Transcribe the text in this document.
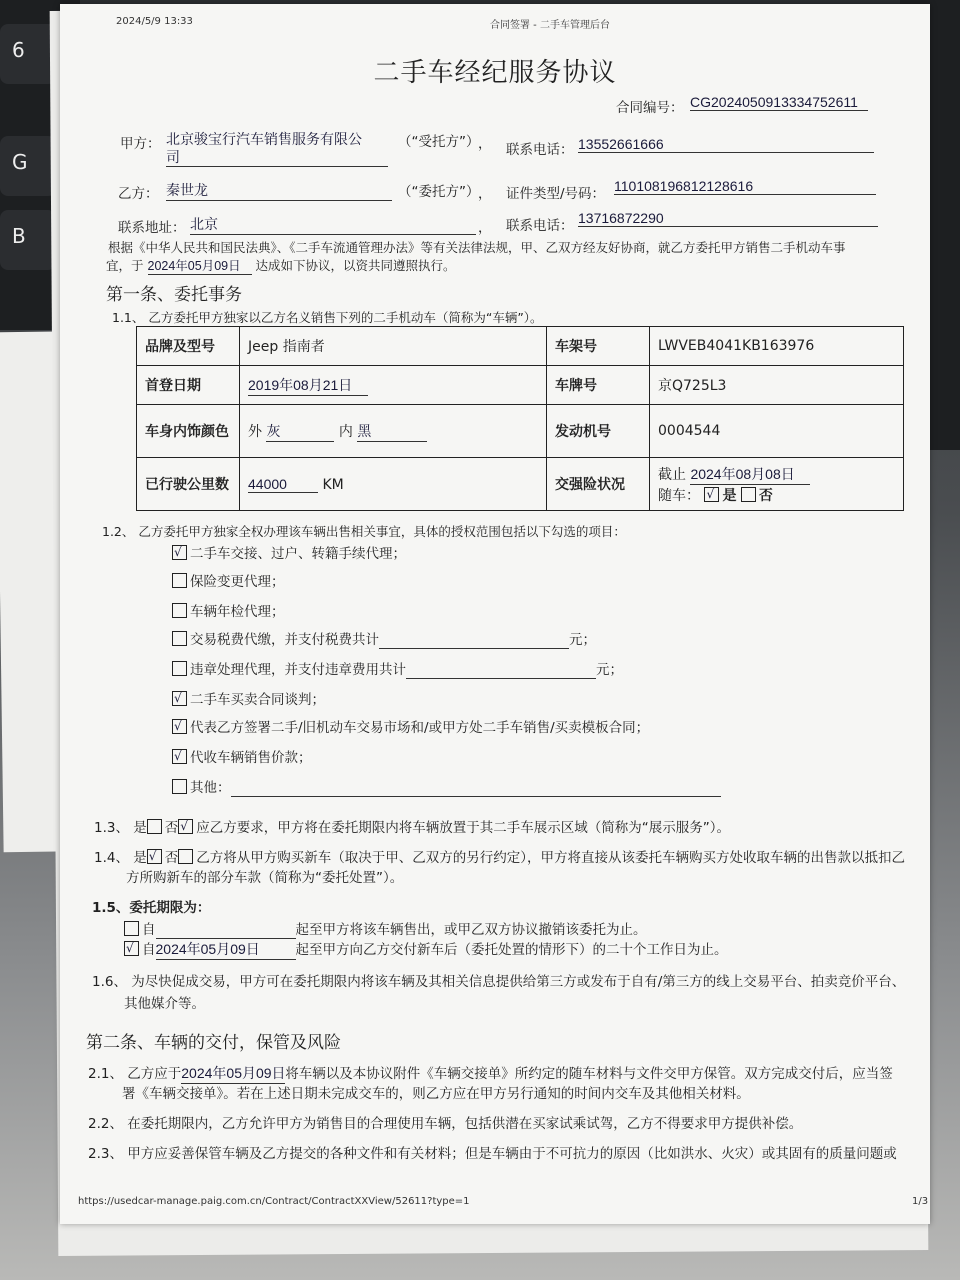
6
G
B
2024/5/9 13:33	合同签署 - 二手车管理后台
二手车经纪服务协议
合同编号： CG2024050913334752611
甲方： 北京骏宝行汽车销售服务有限公
司
（“受托方”）
， 联系电话： 13552661666
乙方： 秦世龙	（“委托方”）
， 证件类型/号码： 110108196812128616
联系地址： 北京	， 联系电话： 13716872290
根据《中华人民共和国民法典》、《二手车流通管理办法》等有关法律法规，甲、乙双方经友好协商，就乙方委托甲方销售二手机动车事
宜，于 2024年05月09日 达成如下协议，以资共同遵照执行。
第一条、委托事务
1.1、 乙方委托甲方独家以乙方名义销售下列的二手机动车（简称为“车辆”）。
品牌及型号	Jeep 指南者	车架号	LWVEB4041KB163976
首登日期	2019年08月21日	车牌号	京Q725L3
车身内饰颜色	外 灰 内 黑	发动机号	0004544
已行驶公里数	44000 KM	交强险状况	截止 2024年08月08日
随车： √ 是 否
1.2、 乙方委托甲方独家全权办理该车辆出售相关事宜，具体的授权范围包括以下勾选的项目：
√二手车交接、过户、转籍手续代理；
保险变更代理；
车辆年检代理；
交易税费代缴，并支付税费共计	元；
违章处理代理，并支付违章费用共计	元；
√二手车买卖合同谈判；
√代表乙方签署二手/旧机动车交易市场和/或甲方处二手车销售/买卖模板合同；
√代收车辆销售价款；
其他：
1.3、 是 否 √ 应乙方要求，甲方将在委托期限内将车辆放置于其二手车展示区域（简称为“展示服务”）。
1.4、 是 √ 否 乙方将从甲方购买新车（取决于甲、乙双方的另行约定），甲方将直接从该委托车辆购买方处收取车辆的出售款以抵扣乙
方所购新车的部分车款（简称为“委托处置”）。
1.5、委托期限为：
自	起至甲方将该车辆售出，或甲乙双方协议撤销该委托为止。
√自2024年05月09日	起至甲方向乙方交付新车后（委托处置的情形下）的二十个工作日为止。
1.6、 为尽快促成交易，甲方可在委托期限内将该车辆及其相关信息提供给第三方或发布于自有/第三方的线上交易平台、拍卖竞价平台、
其他媒介等。
第二条、车辆的交付，保管及风险
2.1、 乙方应于2024年05月09日将车辆以及本协议附件《车辆交接单》所约定的随车材料与文件交甲方保管。双方完成交付后，应当签
署《车辆交接单》。若在上述日期未完成交车的，则乙方应在甲方另行通知的时间内交车及其他相关材料。
2.2、 在委托期限内，乙方允许甲方为销售目的合理使用车辆，包括供潜在买家试乘试驾，乙方不得要求甲方提供补偿。
2.3、 甲方应妥善保管车辆及乙方提交的各种文件和有关材料；但是车辆由于不可抗力的原因（比如洪水、火灾）或其固有的质量问题或
https://usedcar-manage.paig.com.cn/Contract/ContractXXView/52611?type=1	1/3
